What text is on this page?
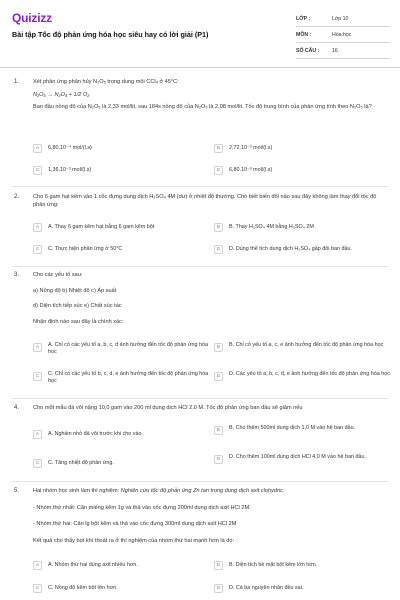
Quizizz
Bài tập Tốc độ phản ứng hóa học siêu hay có lời giải (P1)
LỚP :	Lớp 10
MÔN :	Hóa học
SỐ CÂU :	16
1. Xét phản ứng phân hủy N₂O₅ trong dung môi CCl₄ ở 45°C:

N₂O₅ → N₂O₄ + 1/2 O₂

Ban đầu nồng độ của N₂O₅ là 2,33 mol/lit, sau 184s nồng độ của N₂O₅ là 2,08 mol/lit. Tốc độ trung bình của phản ứng tính theo N₂O₅ là?

A	6,80.10⁻⁴ mol/(l.s)	B	2,72.10⁻³ mol/(l.s)
C	1,36.10⁻³ mol/(l.s)	D	6,80.10⁻³ mol/(l.s)
2. Cho 6 gam hạt kẽm vào 1 cốc đựng dung dịch H₂SO₄ 4M (dư) ở nhiệt độ thường. Cho biết biến đổi nào sau đây không làm thay đổi tốc độ phản ứng:

A	A. Thay 6 gam kẽm hạt bằng 6 gam kẽm bột	B	B. Thay H₂SO₄ 4M bằng H₂SO₄ 2M
C	C. Thực hiện phản ứng ở 50°C	D	D. Dùng thể tích dung dịch H₂SO₄ gấp đôi ban đầu.
3. Cho các yếu tố sau:

a) Nồng độ b) Nhiệt độ c) Áp suất

d) Diện tích tiếp xúc e) Chất xúc tác

Nhận định nào sau đây là chính xác:

A	A. Chỉ có các yếu tố a, b, c, d ảnh hưởng đến tốc độ phản ứng hóa học
B	B. Chỉ có yếu tố a, c, e ảnh hưởng đến tốc độ phản ứng hóa học
C	C. Chỉ có các yếu tố b, c, d, e ảnh hưởng đến tốc độ phản ứng hóa học
D	D. Các yếu tố a, b, c, d, e ảnh hưởng đến tốc độ phản ứng hóa học
4. Cho một mẫu đá vôi nặng 10,0 gam vào 200 ml dung dịch HCl 2,0 M. Tốc độ phản ứng ban đầu sẽ giảm nếu

A	A. Nghiền nhỏ đá vôi trước khi cho vào.
B	B. Cho thêm 500ml dung dịch 1,0 M vào hệ ban đầu.
C	C. Tăng nhiệt độ phản ứng.
D	D. Cho thêm 100ml dung dịch HCl 4,0 M vào hệ ban đầu.
5. Hai nhóm học sinh làm thí nghiệm: Nghiên cứu tốc độ phản ứng Zn tan trong dung dịch axit clohydric:

- Nhóm thứ nhất: Cân miếng kẽm 1g và thả vào cốc đựng 200ml dung dịch axit HCl 2M.

- Nhóm thứ hai: Cân lg bột kẽm và thả vào cốc đựng 300ml dung dịch axit HCl 2M

Kết quả cho thấy bọt khí thoát ra ở thí nghiệm của nhóm thứ hai mạnh hơn là do:

A	A. Nhóm thứ hai dùng axit nhiều hơn.	B	B. Diện tích bề mặt bột kẽm lớn hơn.
C	C. Nồng độ kẽm bột lớn hơn.	D	D. Cả ba nguyên nhân đều sai.
